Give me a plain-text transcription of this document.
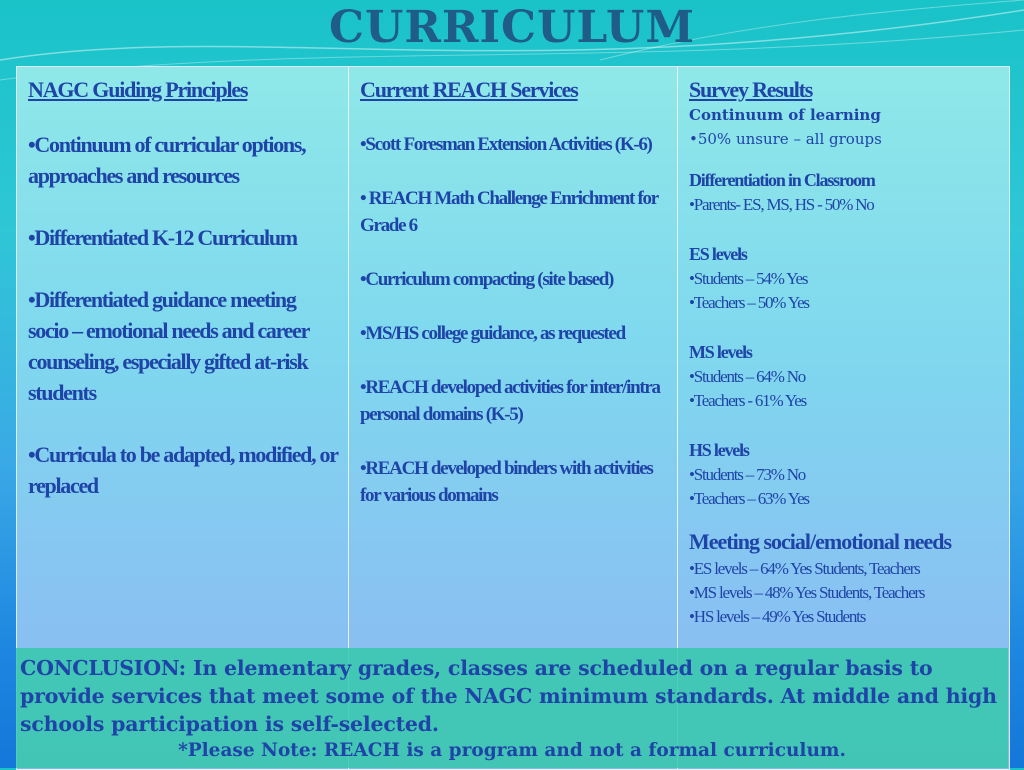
CURRICULUM
NAGC Guiding Principles
•Continuum of curricular options, approaches and resources
•Differentiated K-12 Curriculum
•Differentiated guidance meeting socio – emotional needs and career counseling, especially gifted at-risk students
•Curricula to be adapted, modified, or replaced
Current REACH Services
•Scott Foresman Extension Activities (K-6)
• REACH Math Challenge Enrichment for Grade 6
•Curriculum compacting (site based)
•MS/HS college guidance, as requested
•REACH developed activities for inter/intra personal domains (K-5)
•REACH developed binders with activities for various domains
Survey Results
Continuum of learning
•50% unsure – all groups
Differentiation in Classroom
•Parents- ES, MS, HS - 50% No
ES levels
•Students – 54% Yes
•Teachers – 50% Yes
MS levels
•Students – 64% No
•Teachers - 61% Yes
HS levels
•Students – 73% No
•Teachers – 63% Yes
Meeting social/emotional needs
•ES levels – 64% Yes Students, Teachers
•MS levels – 48% Yes Students, Teachers
•HS levels – 49% Yes Students
CONCLUSION: In elementary grades, classes are scheduled on a regular basis to provide services that meet some of the NAGC minimum standards. At middle and high schools participation is self-selected.
*Please Note: REACH is a program and not a formal curriculum.
